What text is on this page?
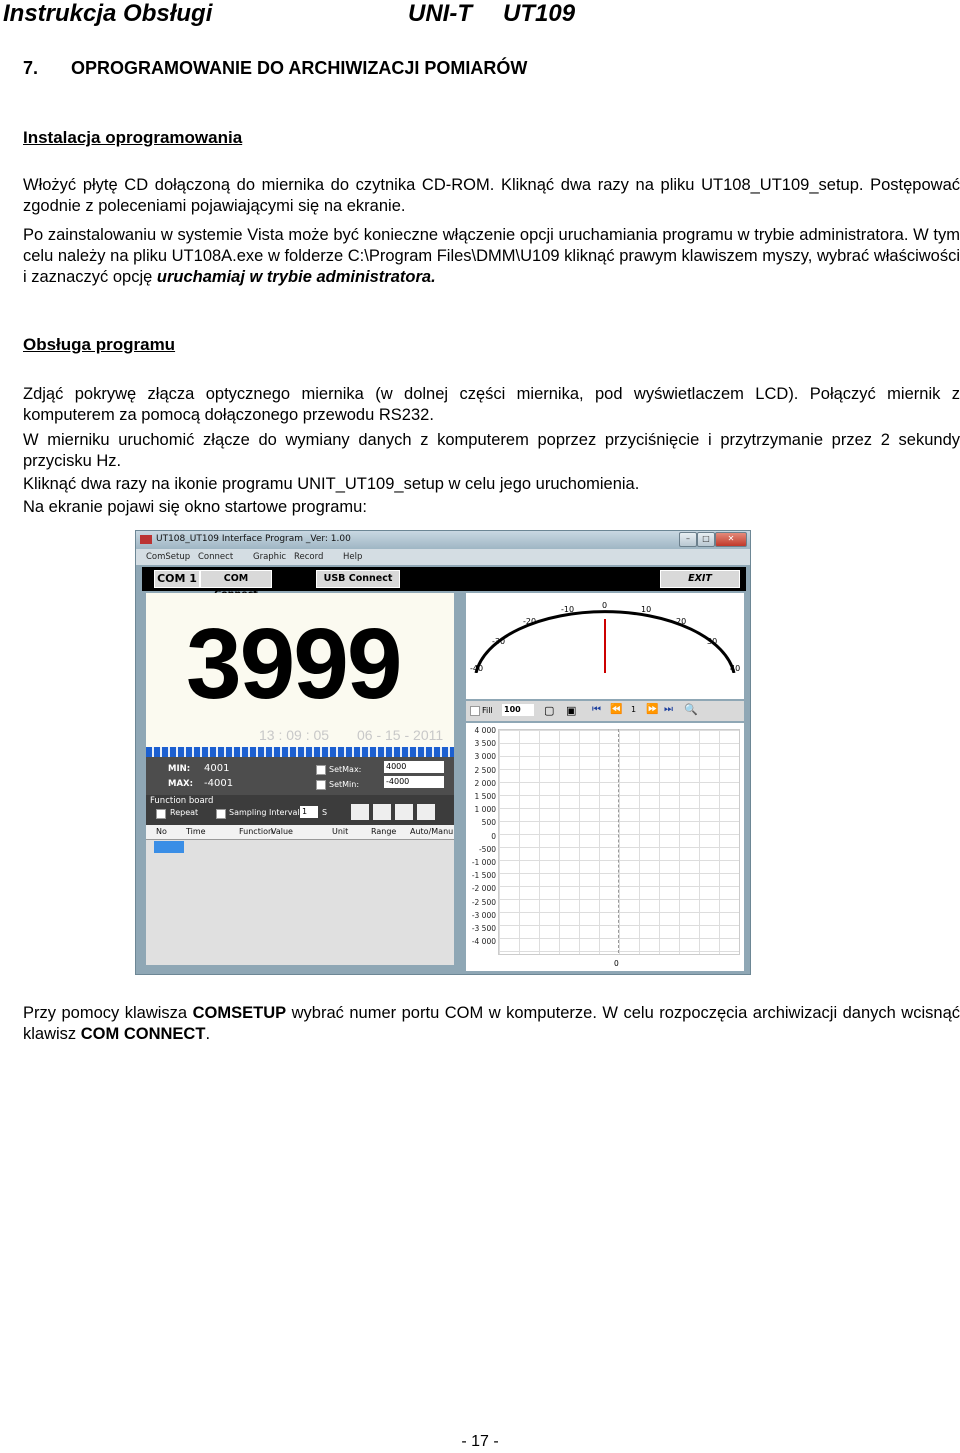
Instrukcja Obsługi	UNI-T UT109
7. OPROGRAMOWANIE DO ARCHIWIZACJI POMIARÓW
Instalacja oprogramowania
Włożyć płytę CD dołączoną do miernika do czytnika CD-ROM. Kliknąć dwa razy na pliku UT108_UT109_setup. Postępować zgodnie z poleceniami pojawiającymi się na ekranie.
Po zainstalowaniu w systemie Vista może być konieczne włączenie opcji uruchamiania programu w trybie administratora. W tym celu należy na pliku UT108A.exe w folderze C:\Program Files\DMM\U109 kliknąć prawym klawiszem myszy, wybrać właściwości i zaznaczyć opcję uruchamiaj w trybie administratora.
Obsługa programu
Zdjąć pokrywę złącza optycznego miernika (w dolnej części miernika, pod wyświetlaczem LCD). Połączyć miernik z komputerem za pomocą dołączonego przewodu RS232.
W mierniku uruchomić złącze do wymiany danych z komputerem poprzez przyciśnięcie i przytrzymanie przez 2 sekundy przycisku Hz.
Kliknąć dwa razy na ikonie programu UNIT_UT109_setup w celu jego uruchomienia.
Na ekranie pojawi się okno startowe programu:
UT108_UT109 Interface Program _Ver: 1.00	–	□	✕
ComSetup Connect Graphic Record Help
COM 1	COM	USB Connect	EXIT
3999
13 : 09 : 05 06 - 15 - 2011
MIN: 4001
MAX: -4001
SetMax:	4000
SetMin:	-4000
Function board
Repeat	Sampling Interval 1	S
No Time	Function
Value	Unit	Range Auto/Manu
-40
-30
-20
-10	0	10
20
30
40
Fill 100	▢ ▣ ⏮ ⏪ 1 ⏩ ⏭ 🔍
4 000
3 500
3 000
2 500
2 000
1 500
1 000
500
0
-500
-1 000
-1 500
-2 000
-2 500
-3 000
-3 500
-4 000
0
Przy pomocy klawisza COMSETUP wybrać numer portu COM w komputerze. W celu rozpoczęcia archiwizacji danych wcisnąć klawisz COM CONNECT.
- 17 -
